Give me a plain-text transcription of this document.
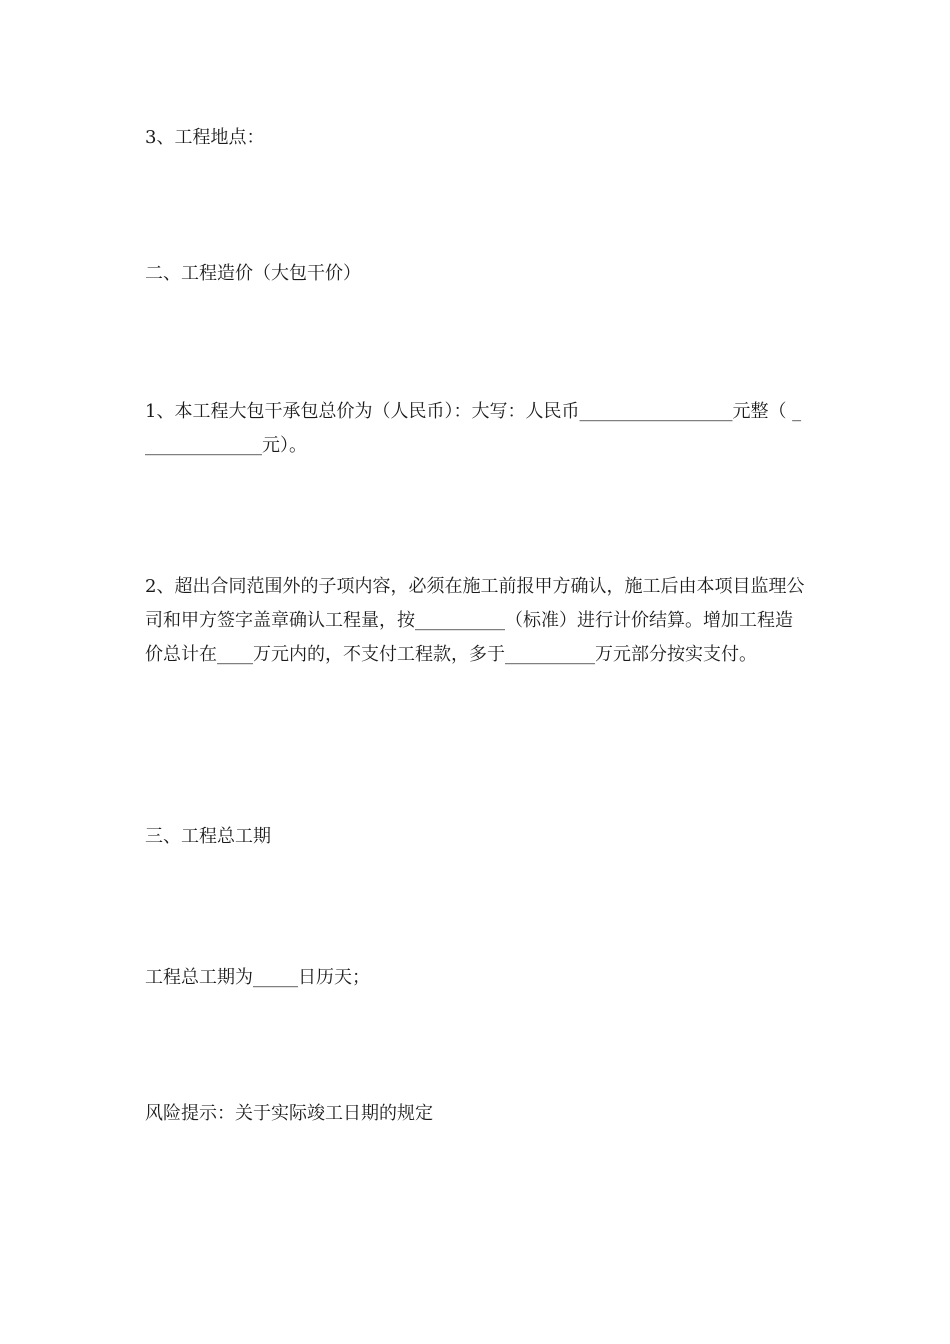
3、工程地点：

二、工程造价（大包干价）

1、本工程大包干承包总价为（人民币）：大写：人民币_________________元整（ ______________元）。

2、超出合同范围外的子项内容，必须在施工前报甲方确认，施工后由本项目监理公司和甲方签字盖章确认工程量，按__________（标准）进行计价结算。增加工程造价总计在____万元内的，不支付工程款，多于__________万元部分按实支付。

三、工程总工期

工程总工期为_____日历天；

风险提示：关于实际竣工日期的规定
